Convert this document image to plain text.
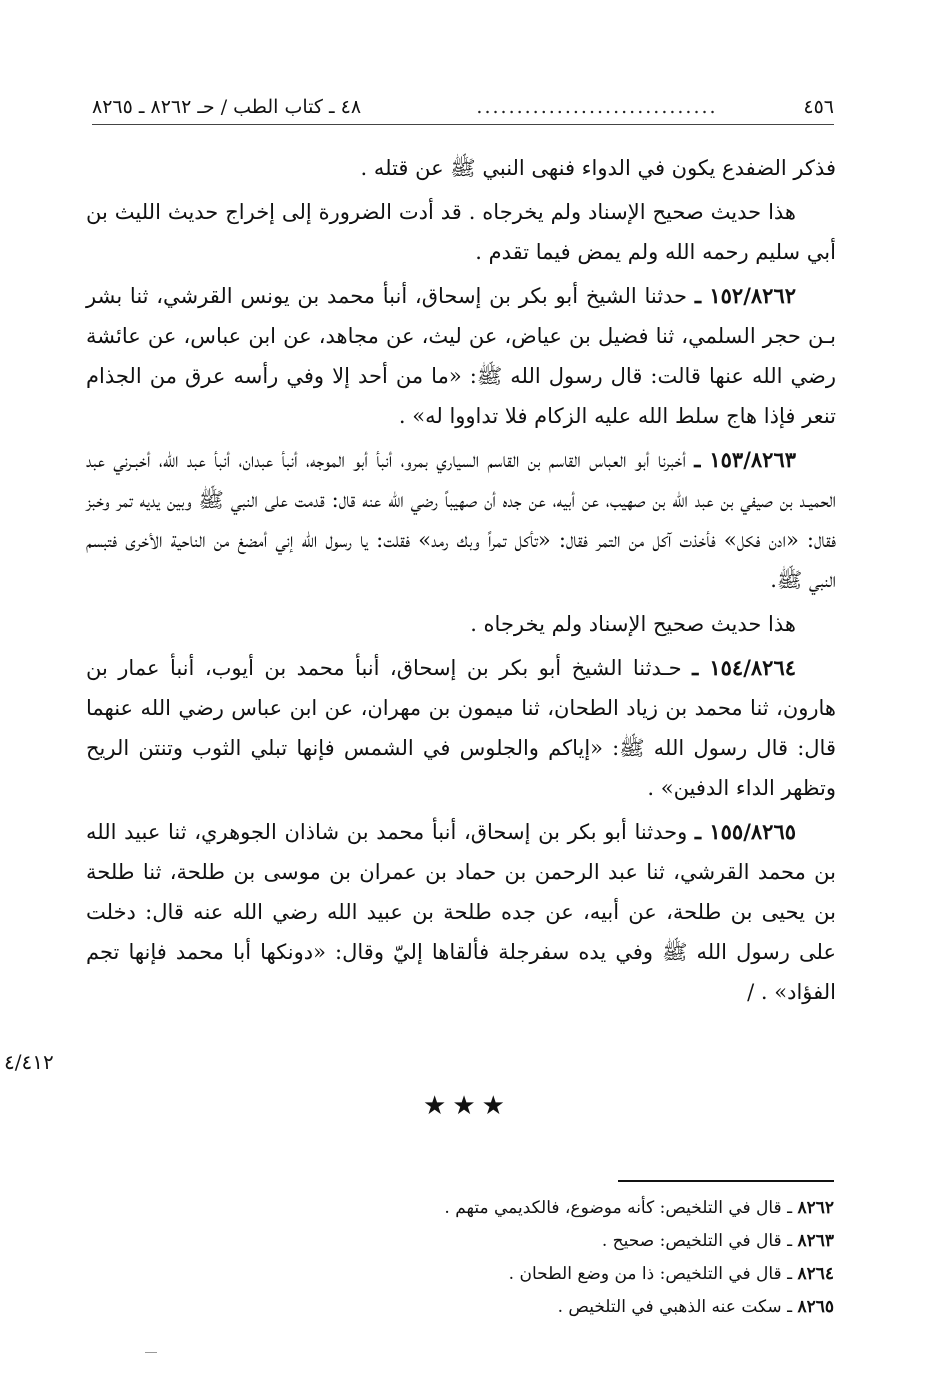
٤٥٦
..............................
٤٨ ـ كتاب الطب / حـ ٨٢٦٢ ـ ٨٢٦٥

فذكر الضفدع يكون في الدواء فنهى النبي ﷺ عن قتله .

هذا حديث صحيح الإسناد ولم يخرجاه . قد أدت الضرورة إلى إخراج حديث الليث بن أبي سليم رحمه الله ولم يمض فيما تقدم .

١٥٢/٨٢٦٢ ـ حدثنا الشيخ أبو بكر بن إسحاق، أنبأ محمد بن يونس القرشي، ثنا بشر بـن حجر السلمي، ثنا فضيل بن عياض، عن ليث، عن مجاهد، عن ابن عباس، عن عائشة رضي الله عنها قالت: قال رسول الله ﷺ: «ما من أحد إلا وفي رأسه عرق من الجذام تنعر فإذا هاج سلط الله عليه الزكام فلا تداووا له» .

١٥٣/٨٢٦٣ ـ أخبرنا أبو العباس القاسم بن القاسم السياري بمرو، أنبأ أبو الموجه، أنبأ عبدان، أنبأ عبد الله، أخبـرني عبد الحميـد بن صيفي بن عبد الله بن صهيب، عن أبيه، عن جده أن صهيباً رضي الله عنه قال: قدمت على النبي ﷺ وبين يديه تمر وخبز فقال: «ادن فكل» فأخذت آكل من التمر فقال: «تأكل تمراً وبك رمد» فقلت: يا رسول الله إني أمضغ من الناحية الأخرى فتبسم النبي ﷺ.

هذا حديث صحيح الإسناد ولم يخرجاه .

١٥٤/٨٢٦٤ ـ حـدثنا الشيخ أبو بكر بن إسحاق، أنبأ محمد بن أيوب، أنبأ عمار بن هارون، ثنا محمد بن زياد الطحان، ثنا ميمون بن مهران، عن ابن عباس رضي الله عنهما قال: قال رسول الله ﷺ: «إياكم والجلوس في الشمس فإنها تبلي الثوب وتنتن الريح وتظهر الداء الدفين» .

١٥٥/٨٢٦٥ ـ وحدثنا أبو بكر بن إسحاق، أنبأ محمد بن شاذان الجوهري، ثنا عبيد الله بن محمد القرشي، ثنا عبد الرحمن بن حماد بن عمران بن موسى بن طلحة، ثنا طلحة بن يحيى بن طلحة، عن أبيه، عن جده طلحة بن عبيد الله رضي الله عنه قال: دخلت على رسول الله ﷺ وفي يده سفرجلة فألقاها إليّ وقال: «دونكها أبا محمد فإنها تجم الفؤاد» . /

٤/٤١٢
★★★
٨٢٦٢ ـ قال في التلخيص: كأنه موضوع، فالكديمي متهم .
٨٢٦٣ ـ قال في التلخيص: صحيح .
٨٢٦٤ ـ قال في التلخيص: ذا من وضع الطحان .
٨٢٦٥ ـ سكت عنه الذهبي في التلخيص .
